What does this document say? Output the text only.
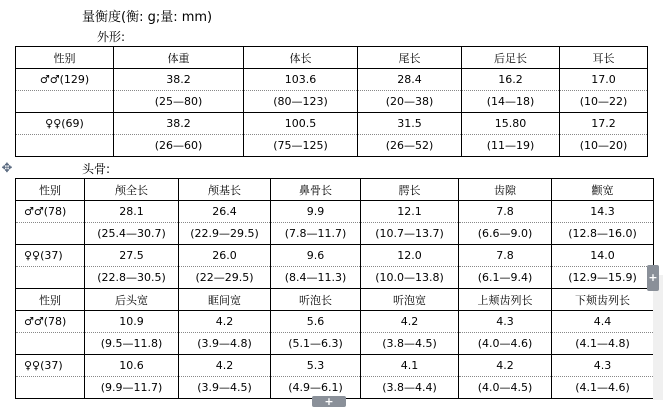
量衡度(衡: g;量: mm)
外形:
性别	体重	体长	尾长	后足长	耳长
♂♂(129)	38.2	103.6	28.4	16.2	17.0
	(25—80)	(80—123)	(20—38)	(14—18)	(10—22)
♀♀(69)	38.2	100.5	31.5	15.80	17.2
	(26—60)	(75—125)	(26—52)	(11—19)	(10—20)
✥	头骨:
性别	颅全长	颅基长	鼻骨长	腭长	齿隙	颧宽
♂♂(78)	28.1	26.4	9.9	12.1	7.8	14.3
	(25.4—30.7)	(22.9—29.5)	(7.8—11.7)	(10.7—13.7)	(6.6—9.0)	(12.8—16.0)
♀♀(37)	27.5	26.0	9.6	12.0	7.8	14.0
	(22.8—30.5)	(22—29.5)	(8.4—11.3)	(10.0—13.8)	(6.1—9.4)	(12.9—15.9)
性别	后头宽	眶间宽	听泡长	听泡宽	上颊齿列长	下颊齿列长
♂♂(78)	10.9	4.2	5.6	4.2	4.3	4.4
	(9.5—11.8)	(3.9—4.8)	(5.1—6.3)	(3.8—4.5)	(4.0—4.6)	(4.1—4.8)
♀♀(37)	10.6	4.2	5.3	4.1	4.2	4.3
	(9.9—11.7)	(3.9—4.5)	(4.9—6.1)	(3.8—4.4)	(4.0—4.5)	(4.1—4.6)
+
+
